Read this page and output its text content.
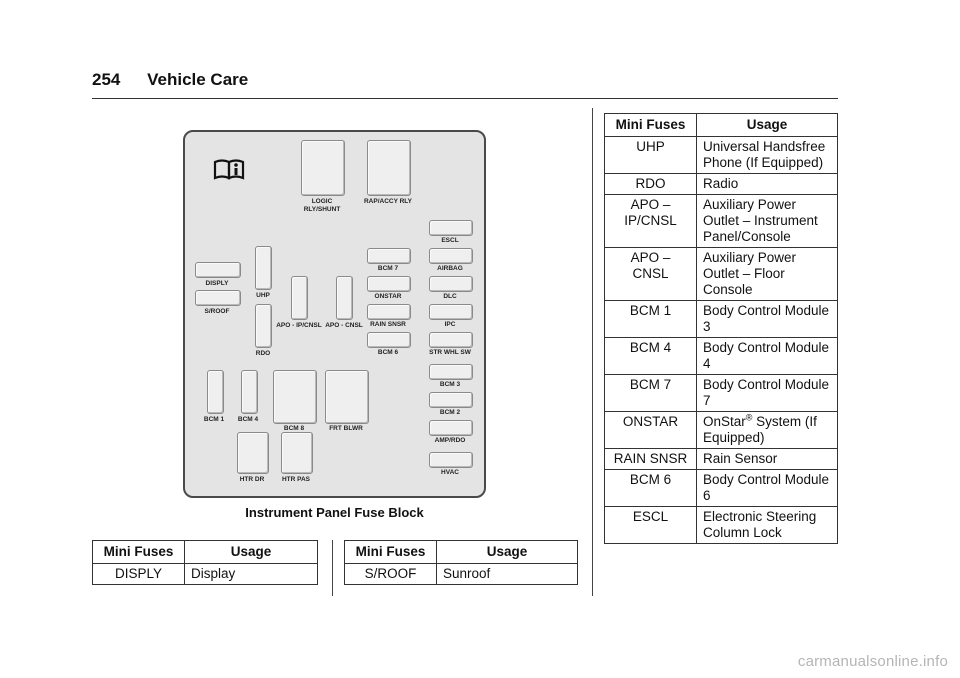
254 Vehicle Care
LOGIC
RLY/SHUNT
RAP/ACCY RLY
ESCL
BCM 7	AIRBAG
DISPLY
UHP	ONSTAR	DLC
S/ROOF
APO - IP/CNSL APO - CNSL	RAIN SNSR	IPC
BCM 6
RDO	STR WHL SW
BCM 3
BCM 1	BCM 4
BCM 8	FRT BLWR
BCM 2
AMP/RDO
HVAC
HTR DR	HTR PAS
Instrument Panel Fuse Block
Mini Fuses	Usage
DISPLY	Display
Mini Fuses	Usage
S/ROOF	Sunroof
Mini Fuses	Usage
UHP	Universal Handsfree Phone (If Equipped)
RDO	Radio
APO – IP/CNSL	Auxiliary Power Outlet – Instrument Panel/Console
APO – CNSL	Auxiliary Power Outlet – Floor Console
BCM 1	Body Control Module 3
BCM 4	Body Control Module 4
BCM 7	Body Control Module 7
ONSTAR	OnStar® System (If Equipped)
RAIN SNSR	Rain Sensor
BCM 6	Body Control Module 6
ESCL	Electronic Steering Column Lock
carmanualsonline.info
